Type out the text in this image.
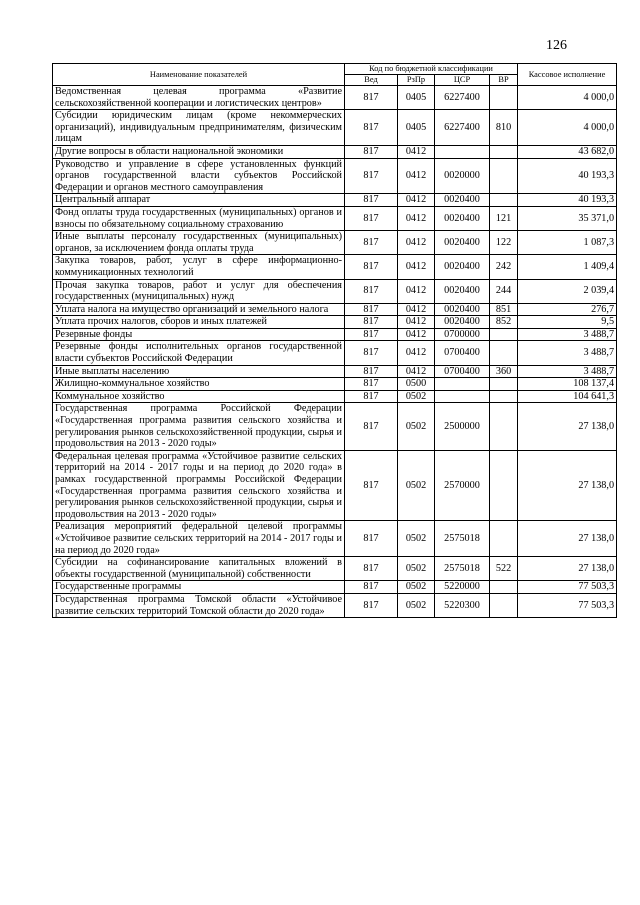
126
Наименование показателей	Код по бюджетной классификации				Кассовое исполнение
	Вед	РзПр	ЦСР	ВР	
Ведомственная целевая программа «Развитие сельскохозяйственной кооперации и логистических центров»	817	0405	6227400		4 000,0
Субсидии юридическим лицам (кроме некоммерческих организаций), индивидуальным предпринимателям, физическим лицам	817	0405	6227400	810	4 000,0
Другие вопросы в области национальной экономики	817	0412			43 682,0
Руководство и управление в сфере установленных функций органов государственной власти субъектов Российской Федерации и органов местного самоуправления	817	0412	0020000		40 193,3
Центральный аппарат	817	0412	0020400		40 193,3
Фонд оплаты труда государственных (муниципальных) органов и взносы по обязательному социальному страхованию	817	0412	0020400	121	35 371,0
Иные выплаты персоналу государственных (муниципальных) органов, за исключением фонда оплаты труда	817	0412	0020400	122	1 087,3
Закупка товаров, работ, услуг в сфере информационно-коммуникационных технологий	817	0412	0020400	242	1 409,4
Прочая закупка товаров, работ и услуг для обеспечения государственных (муниципальных) нужд	817	0412	0020400	244	2 039,4
Уплата налога на имущество организаций и земельного налога	817	0412	0020400	851	276,7
Уплата прочих налогов, сборов и иных платежей	817	0412	0020400	852	9,5
Резервные фонды	817	0412	0700000		3 488,7
Резервные фонды исполнительных органов государственной власти субъектов Российской Федерации	817	0412	0700400		3 488,7
Иные выплаты населению	817	0412	0700400	360	3 488,7
Жилищно-коммунальное хозяйство	817	0500			108 137,4
Коммунальное хозяйство	817	0502			104 641,3
Государственная программа Российской Федерации «Государственная программа развития сельского хозяйства и регулирования рынков сельскохозяйственной продукции, сырья и продовольствия на 2013 - 2020 годы»	817	0502	2500000		27 138,0
Федеральная целевая программа «Устойчивое развитие сельских территорий на 2014 - 2017 годы и на период до 2020 года» в рамках государственной программы Российской Федерации «Государственная программа развития сельского хозяйства и регулирования рынков сельскохозяйственной продукции, сырья и продовольствия на 2013 - 2020 годы»	817	0502	2570000		27 138,0
Реализация мероприятий федеральной целевой программы «Устойчивое развитие сельских территорий на 2014 - 2017 годы и на период до 2020 года»	817	0502	2575018		27 138,0
Субсидии на софинансирование капитальных вложений в объекты государственной (муниципальной) собственности	817	0502	2575018	522	27 138,0
Государственные программы	817	0502	5220000		77 503,3
Государственная программа Томской области «Устойчивое развитие сельских территорий Томской области до 2020 года»	817	0502	5220300		77 503,3
